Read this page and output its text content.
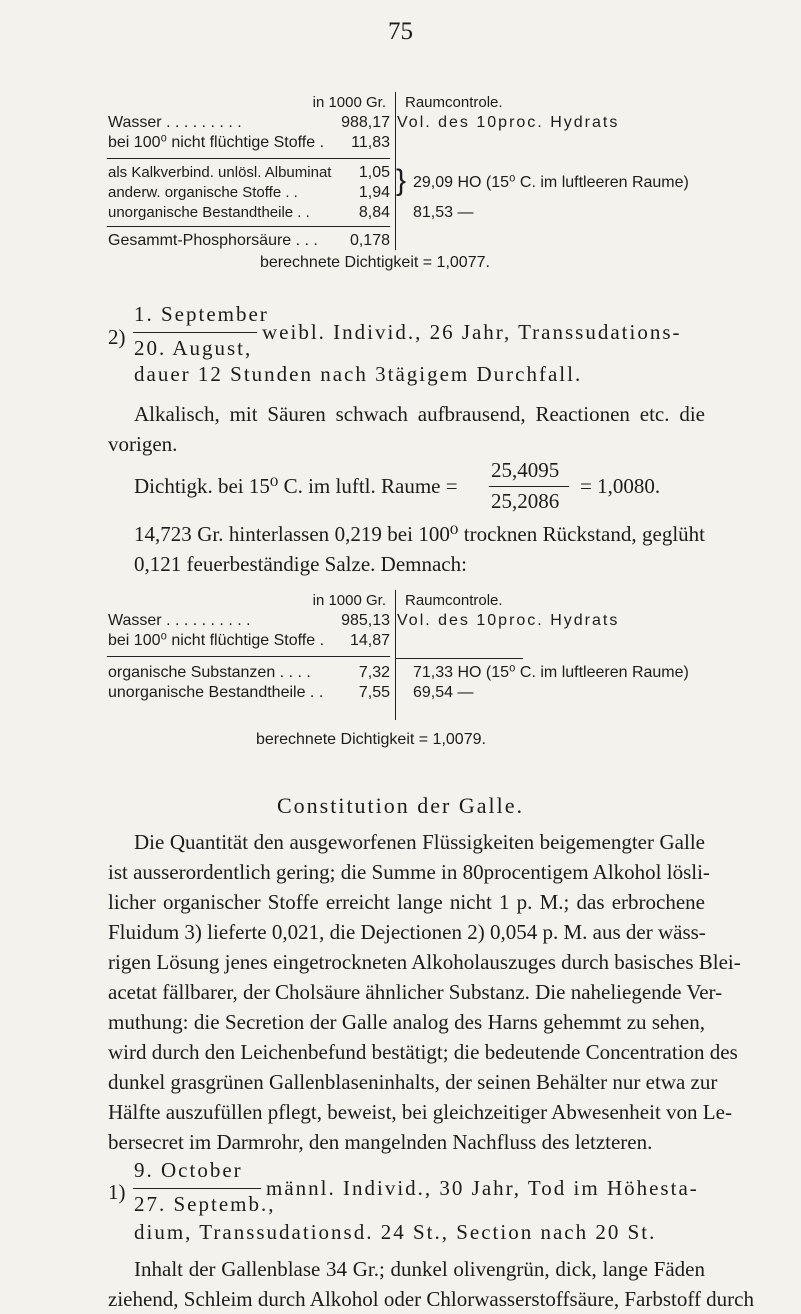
75
in 1000 Gr. Raumcontrole.
Vol. des 10proc. Hydrats
Wasser . . . . . . . . .	988,17
bei 100⁰ nicht flüchtige Stoffe . 11,83
als Kalkverbind. unlösl. Albuminat 1,05
anderw. organische Stoffe . .	1,94
unorganische Bestandtheile . .	8,84
} 29,09 HO (15⁰ C. im luftleeren Raume)
81,53 —
Gesammt-Phosphorsäure . . . 0,178
berechnete Dichtigkeit = 1,0077.
2)
1. September
20. August,
weibl. Individ., 26 Jahr, Transsudations-
dauer 12 Stunden nach 3tägigem Durchfall.
Alkalisch, mit Säuren schwach aufbrausend, Reactionen etc. die
vorigen.
Dichtigk. bei 15⁰ C. im luftl. Raume =
25,4095
25,2086
= 1,0080.
14,723 Gr. hinterlassen 0,219 bei 100⁰ trocknen Rückstand, geglüht
0,121 feuerbeständige Salze. Demnach:
in 1000 Gr. Raumcontrole.
Vol. des 10proc. Hydrats
Wasser . . . . . . . . . .	985,13
bei 100⁰ nicht flüchtige Stoffe . 14,87
organische Substanzen . . . .	7,32
unorganische Bestandtheile . . 7,55
71,33 HO (15⁰ C. im luftleeren Raume)
69,54 —
berechnete Dichtigkeit = 1,0079.
Constitution der Galle.
Die Quantität den ausgeworfenen Flüssigkeiten beigemengter Galle
ist ausserordentlich gering; die Summe in 80procentigem Alkohol lösli-
licher organischer Stoffe erreicht lange nicht 1 p. M.; das erbrochene
Fluidum 3) lieferte 0,021, die Dejectionen 2) 0,054 p. M. aus der wäss-
rigen Lösung jenes eingetrockneten Alkoholauszuges durch basisches Blei-
acetat fällbarer, der Cholsäure ähnlicher Substanz. Die naheliegende Ver-
muthung: die Secretion der Galle analog des Harns gehemmt zu sehen,
wird durch den Leichenbefund bestätigt; die bedeutende Concentration des
dunkel grasgrünen Gallenblaseninhalts, der seinen Behälter nur etwa zur
Hälfte auszufüllen pflegt, beweist, bei gleichzeitiger Abwesenheit von Le-
bersecret im Darmrohr, den mangelnden Nachfluss des letzteren.
1)
9. October
27. Septemb.,
männl. Individ., 30 Jahr, Tod im Höhesta-
dium, Transsudationsd. 24 St., Section nach 20 St.
Inhalt der Gallenblase 34 Gr.; dunkel olivengrün, dick, lange Fäden
ziehend, Schleim durch Alkohol oder Chlorwasserstoffsäure, Farbstoff durch
